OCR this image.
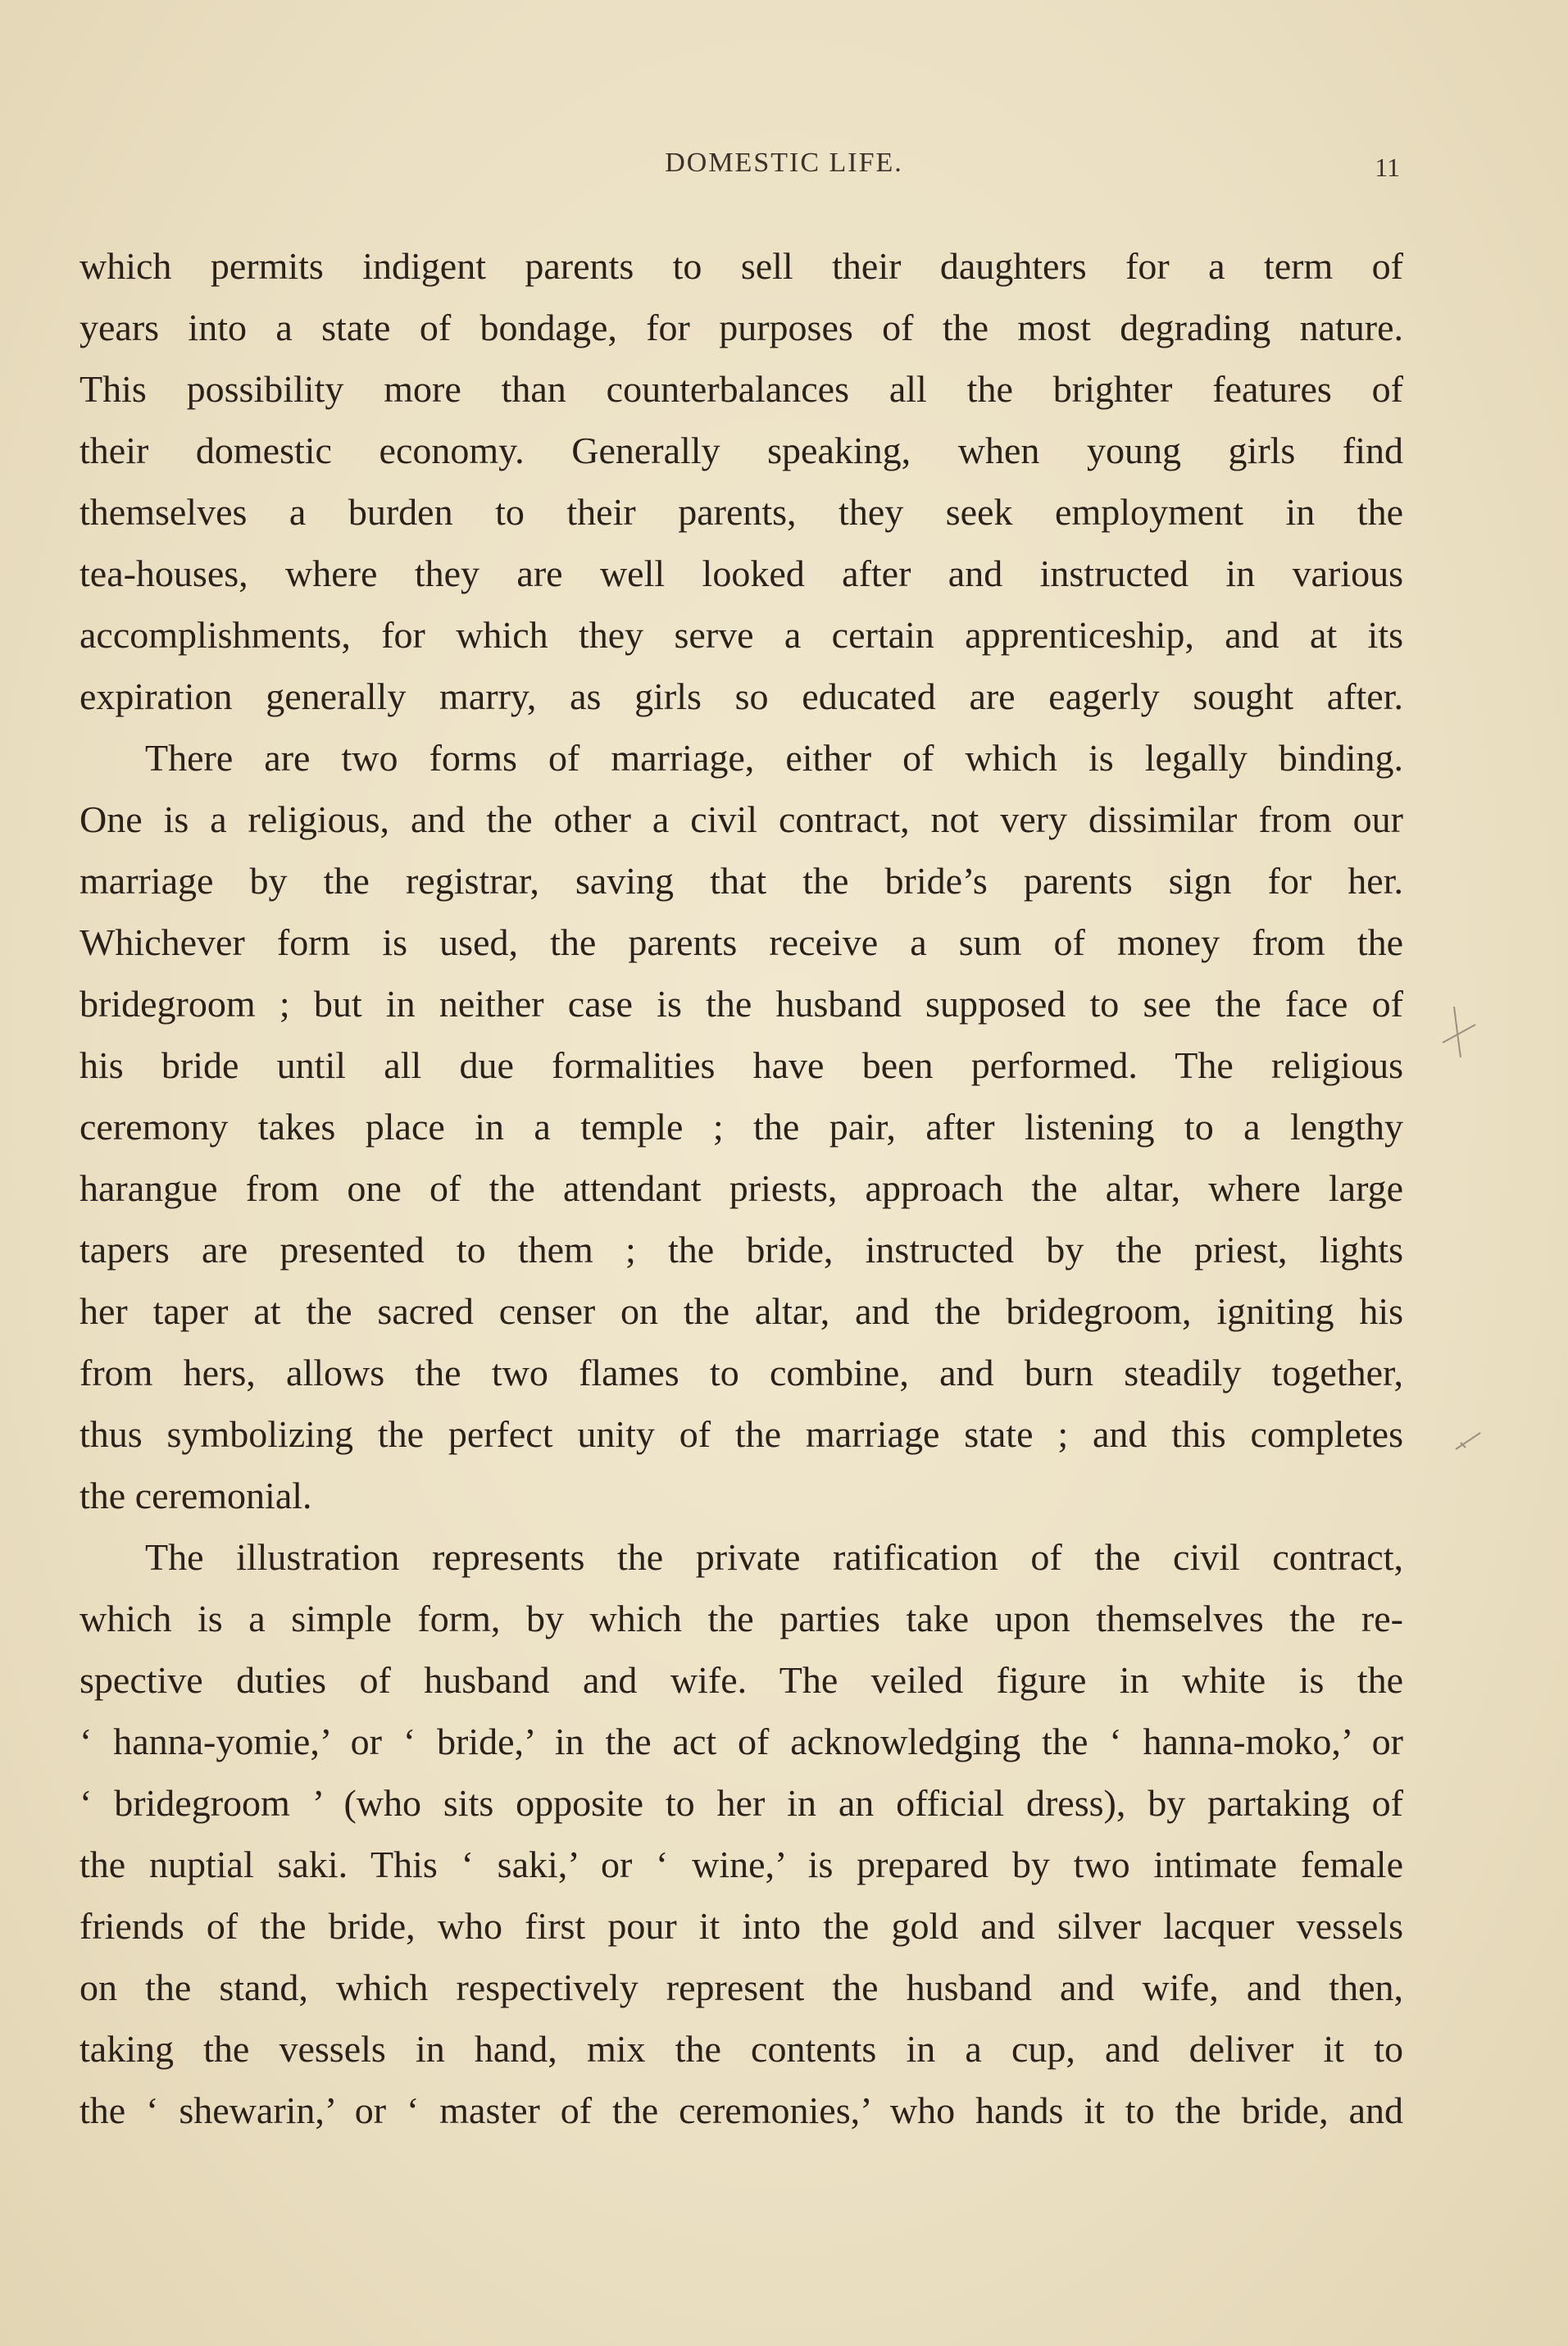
DOMESTIC LIFE.	11
which permits indigent parents to sell their daughters for a term of
years into a state of bondage, for purposes of the most degrading nature.
This possibility more than counterbalances all the brighter features of
their domestic economy. Generally speaking, when young girls find
themselves a burden to their parents, they seek employment in the
tea-houses, where they are well looked after and instructed in various
accomplishments, for which they serve a certain apprenticeship, and at its
expiration generally marry, as girls so educated are eagerly sought after.
There are two forms of marriage, either of which is legally binding.
One is a religious, and the other a civil contract, not very dissimilar from our
marriage by the registrar, saving that the bride’s parents sign for her.
Whichever form is used, the parents receive a sum of money from the
bridegroom ; but in neither case is the husband supposed to see the face of
his bride until all due formalities have been performed. The religious
ceremony takes place in a temple ; the pair, after listening to a lengthy
harangue from one of the attendant priests, approach the altar, where large
tapers are presented to them ; the bride, instructed by the priest, lights
her taper at the sacred censer on the altar, and the bridegroom, igniting his
from hers, allows the two flames to combine, and burn steadily together,
thus symbolizing the perfect unity of the marriage state ; and this completes
the ceremonial.
The illustration represents the private ratification of the civil contract,
which is a simple form, by which the parties take upon themselves the re-
spective duties of husband and wife. The veiled figure in white is the
‘ hanna-yomie,’ or ‘ bride,’ in the act of acknowledging the ‘ hanna-moko,’ or
‘ bridegroom ’ (who sits opposite to her in an official dress), by partaking of
the nuptial saki. This ‘ saki,’ or ‘ wine,’ is prepared by two intimate female
friends of the bride, who first pour it into the gold and silver lacquer vessels
on the stand, which respectively represent the husband and wife, and then,
taking the vessels in hand, mix the contents in a cup, and deliver it to
the ‘ shewarin,’ or ‘ master of the ceremonies,’ who hands it to the bride, and
